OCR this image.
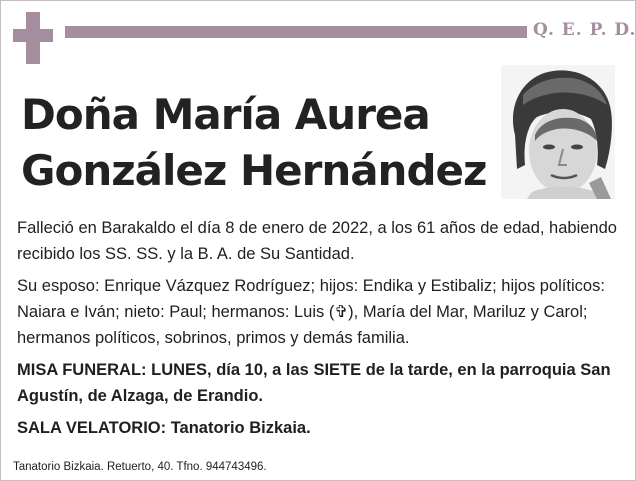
Q. E. P. D.
Doña María Aurea
González Hernández

Falleció en Barakaldo el día 8 de enero de 2022, a los 61 años de edad, habiendo recibido los SS. SS. y la B. A. de Su Santidad.

Su esposo: Enrique Vázquez Rodríguez; hijos: Endika y Estibaliz; hijos políticos: Naiara e Iván; nieto: Paul; hermanos: Luis (✞), María del Mar, Mariluz y Carol; hermanos políticos, sobrinos, primos y demás familia.

MISA FUNERAL: LUNES, día 10, a las SIETE de la tarde, en la parroquia San Agustín, de Alzaga, de Erandio.

SALA VELATORIO: Tanatorio Bizkaia.

Tanatorio Bizkaia. Retuerto, 40. Tfno. 944743496.
